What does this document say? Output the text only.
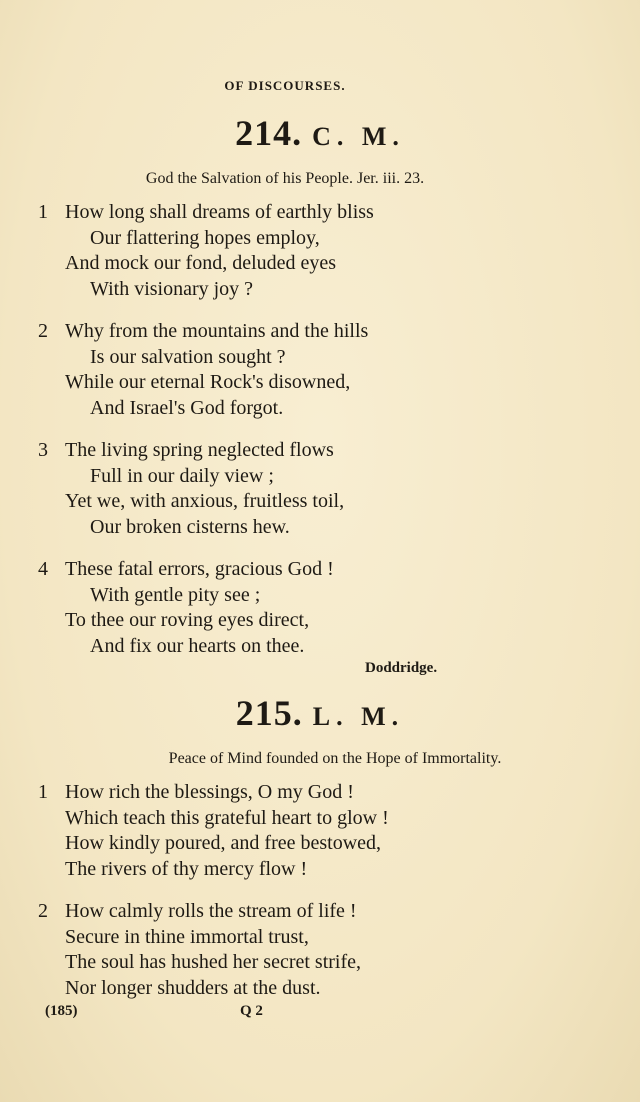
OF DISCOURSES.
214. C. M.
God the Salvation of his People. Jer. iii. 23.
1 How long shall dreams of earthly bliss
Our flattering hopes employ,
And mock our fond, deluded eyes
With visionary joy ?
2 Why from the mountains and the hills
Is our salvation sought ?
While our eternal Rock's disowned,
And Israel's God forgot.
3 The living spring neglected flows
Full in our daily view ;
Yet we, with anxious, fruitless toil,
Our broken cisterns hew.
4 These fatal errors, gracious God !
With gentle pity see ;
To thee our roving eyes direct,
And fix our hearts on thee.
Doddridge.
215. L. M.
Peace of Mind founded on the Hope of Immortality.
1 How rich the blessings, O my God !
Which teach this grateful heart to glow !
How kindly poured, and free bestowed,
The rivers of thy mercy flow !
2 How calmly rolls the stream of life !
Secure in thine immortal trust,
The soul has hushed her secret strife,
Nor longer shudders at the dust.
(185)	Q 2
